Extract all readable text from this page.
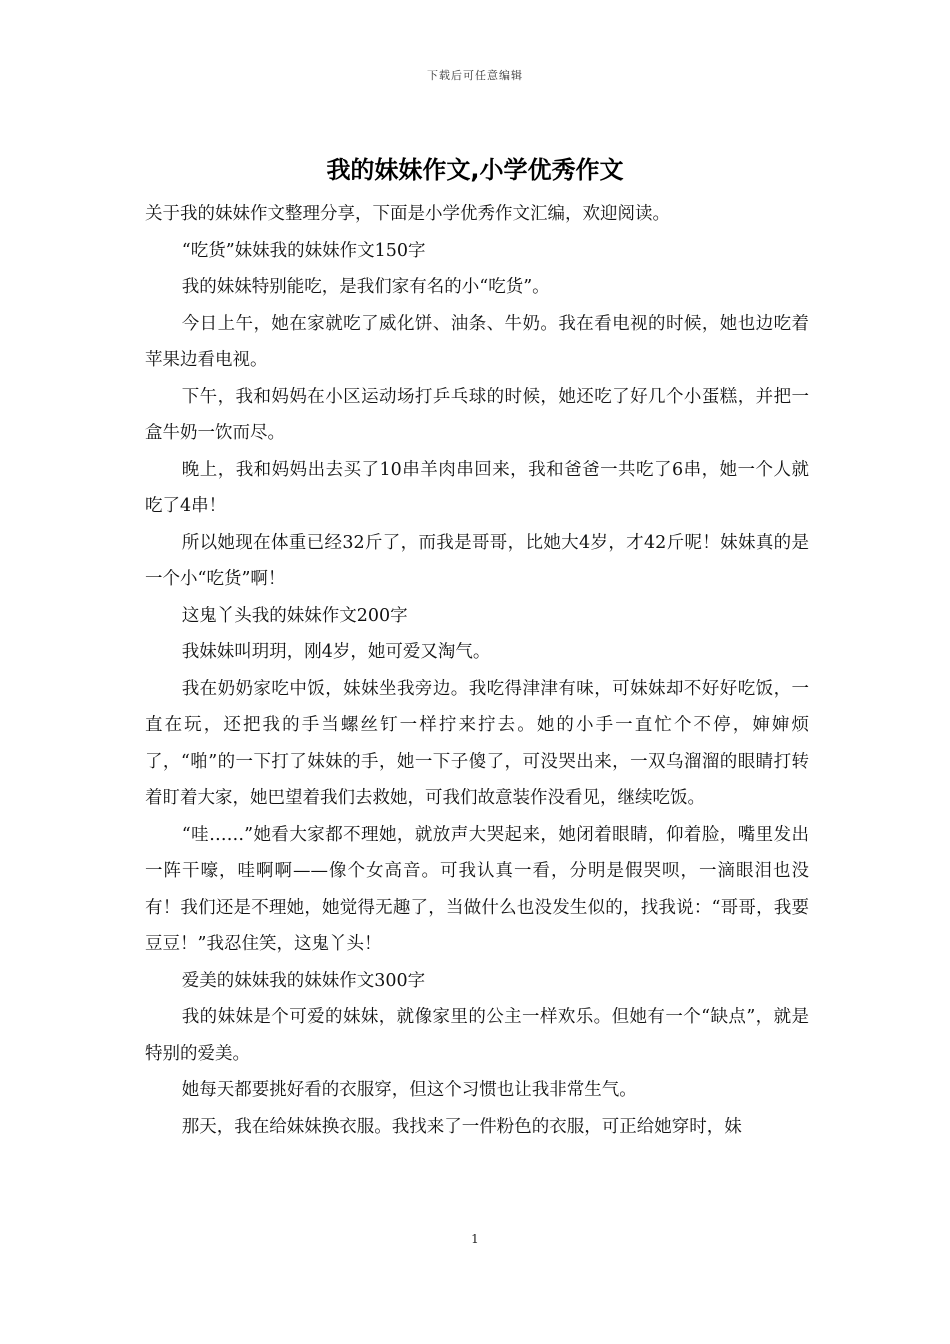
下载后可任意编辑
我的妹妹作文,小学优秀作文

关于我的妹妹作文整理分享，下面是小学优秀作文汇编，欢迎阅读。

“吃货”妹妹我的妹妹作文150字

我的妹妹特别能吃，是我们家有名的小“吃货”。

今日上午，她在家就吃了威化饼、油条、牛奶。我在看电视的时候，她也边吃着苹果边看电视。

下午，我和妈妈在小区运动场打乒乓球的时候，她还吃了好几个小蛋糕，并把一盒牛奶一饮而尽。

晚上，我和妈妈出去买了10串羊肉串回来，我和爸爸一共吃了6串，她一个人就吃了4串！

所以她现在体重已经32斤了，而我是哥哥，比她大4岁，才42斤呢！妹妹真的是一个小“吃货”啊！

这鬼丫头我的妹妹作文200字

我妹妹叫玥玥，刚4岁，她可爱又淘气。

我在奶奶家吃中饭，妹妹坐我旁边。我吃得津津有味，可妹妹却不好好吃饭，一直在玩，还把我的手当螺丝钉一样拧来拧去。她的小手一直忙个不停，婶婶烦了，“啪”的一下打了妹妹的手，她一下子傻了，可没哭出来，一双乌溜溜的眼睛打转着盯着大家，她巴望着我们去救她，可我们故意装作没看见，继续吃饭。

“哇……”她看大家都不理她，就放声大哭起来，她闭着眼睛，仰着脸，嘴里发出一阵干嚎，哇啊啊——像个女高音。可我认真一看，分明是假哭呗，一滴眼泪也没有！我们还是不理她，她觉得无趣了，当做什么也没发生似的，找我说：“哥哥，我要豆豆！”我忍住笑，这鬼丫头！

爱美的妹妹我的妹妹作文300字

我的妹妹是个可爱的妹妹，就像家里的公主一样欢乐。但她有一个“缺点”，就是特别的爱美。

她每天都要挑好看的衣服穿，但这个习惯也让我非常生气。

那天，我在给妹妹换衣服。我找来了一件粉色的衣服，可正给她穿时，妹

1
